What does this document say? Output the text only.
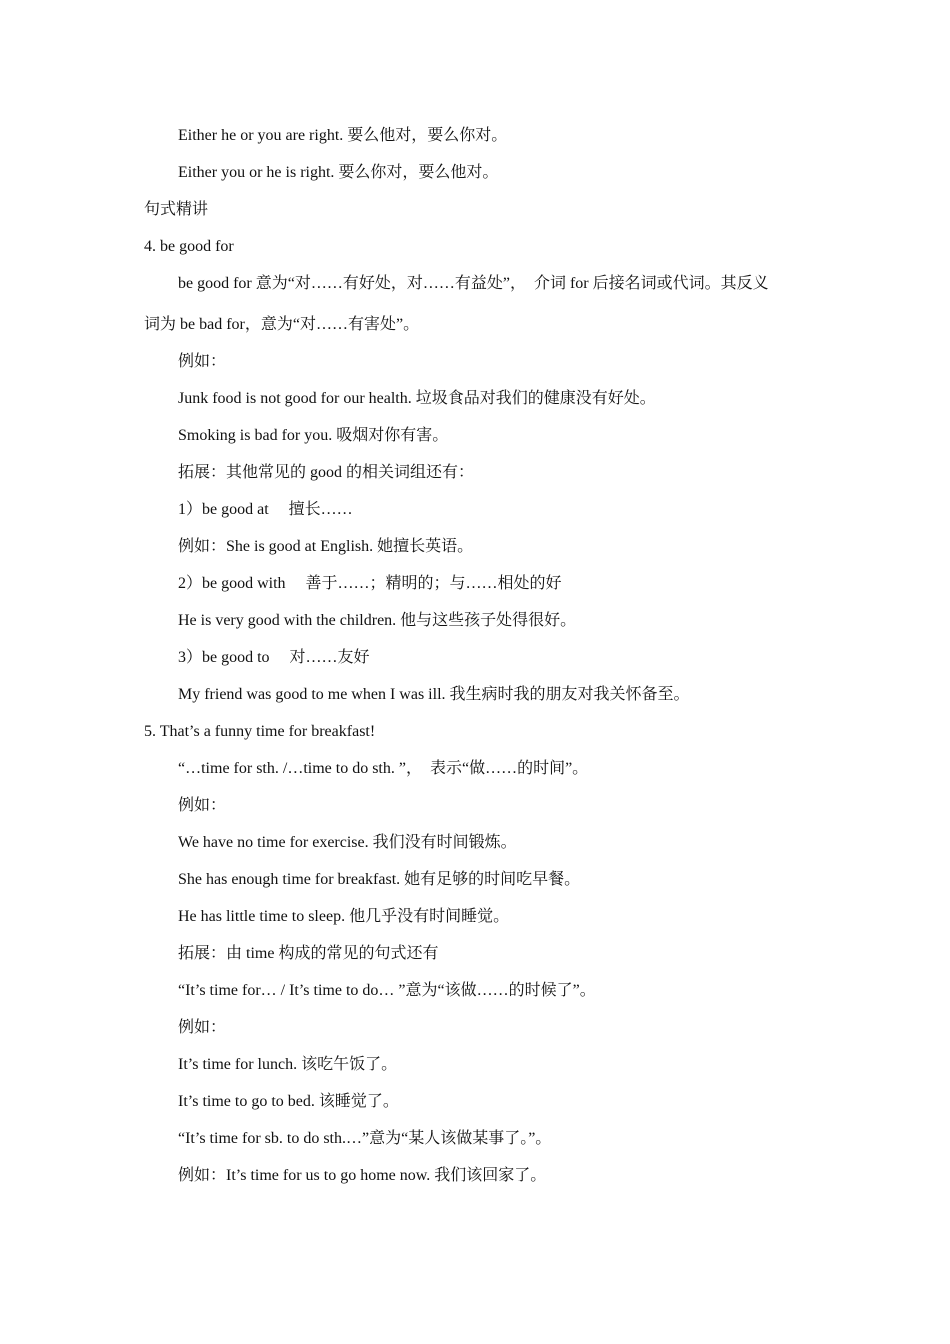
Either he or you are right. 要么他对，要么你对。
Either you or he is right. 要么你对，要么他对。
句式精讲
4. be good for
be good for 意为“对……有好处，对……有益处”，  介词 for 后接名词或代词。其反义
词为 be bad for，意为“对……有害处”。
例如：
Junk food is not good for our health. 垃圾食品对我们的健康没有好处。
Smoking is bad for you. 吸烟对你有害。
拓展：其他常见的 good 的相关词组还有：
1）be good at     擅长……
例如：She is good at English. 她擅长英语。
2）be good with     善于……；精明的；与……相处的好
He is very good with the children. 他与这些孩子处得很好。
3）be good to     对……友好
My friend was good to me when I was ill. 我生病时我的朋友对我关怀备至。
5. That’s a funny time for breakfast!
“…time for sth. /…time to do sth. ”，  表示“做……的时间”。
例如：
We have no time for exercise. 我们没有时间锻炼。
She has enough time for breakfast. 她有足够的时间吃早餐。
He has little time to sleep. 他几乎没有时间睡觉。
拓展：由 time 构成的常见的句式还有
“It’s time for… / It’s time to do… ”意为“该做……的时候了”。
例如：
It’s time for lunch. 该吃午饭了。
It’s time to go to bed. 该睡觉了。
“It’s time for sb. to do sth.…”意为“某人该做某事了。”。
例如：It’s time for us to go home now. 我们该回家了。
